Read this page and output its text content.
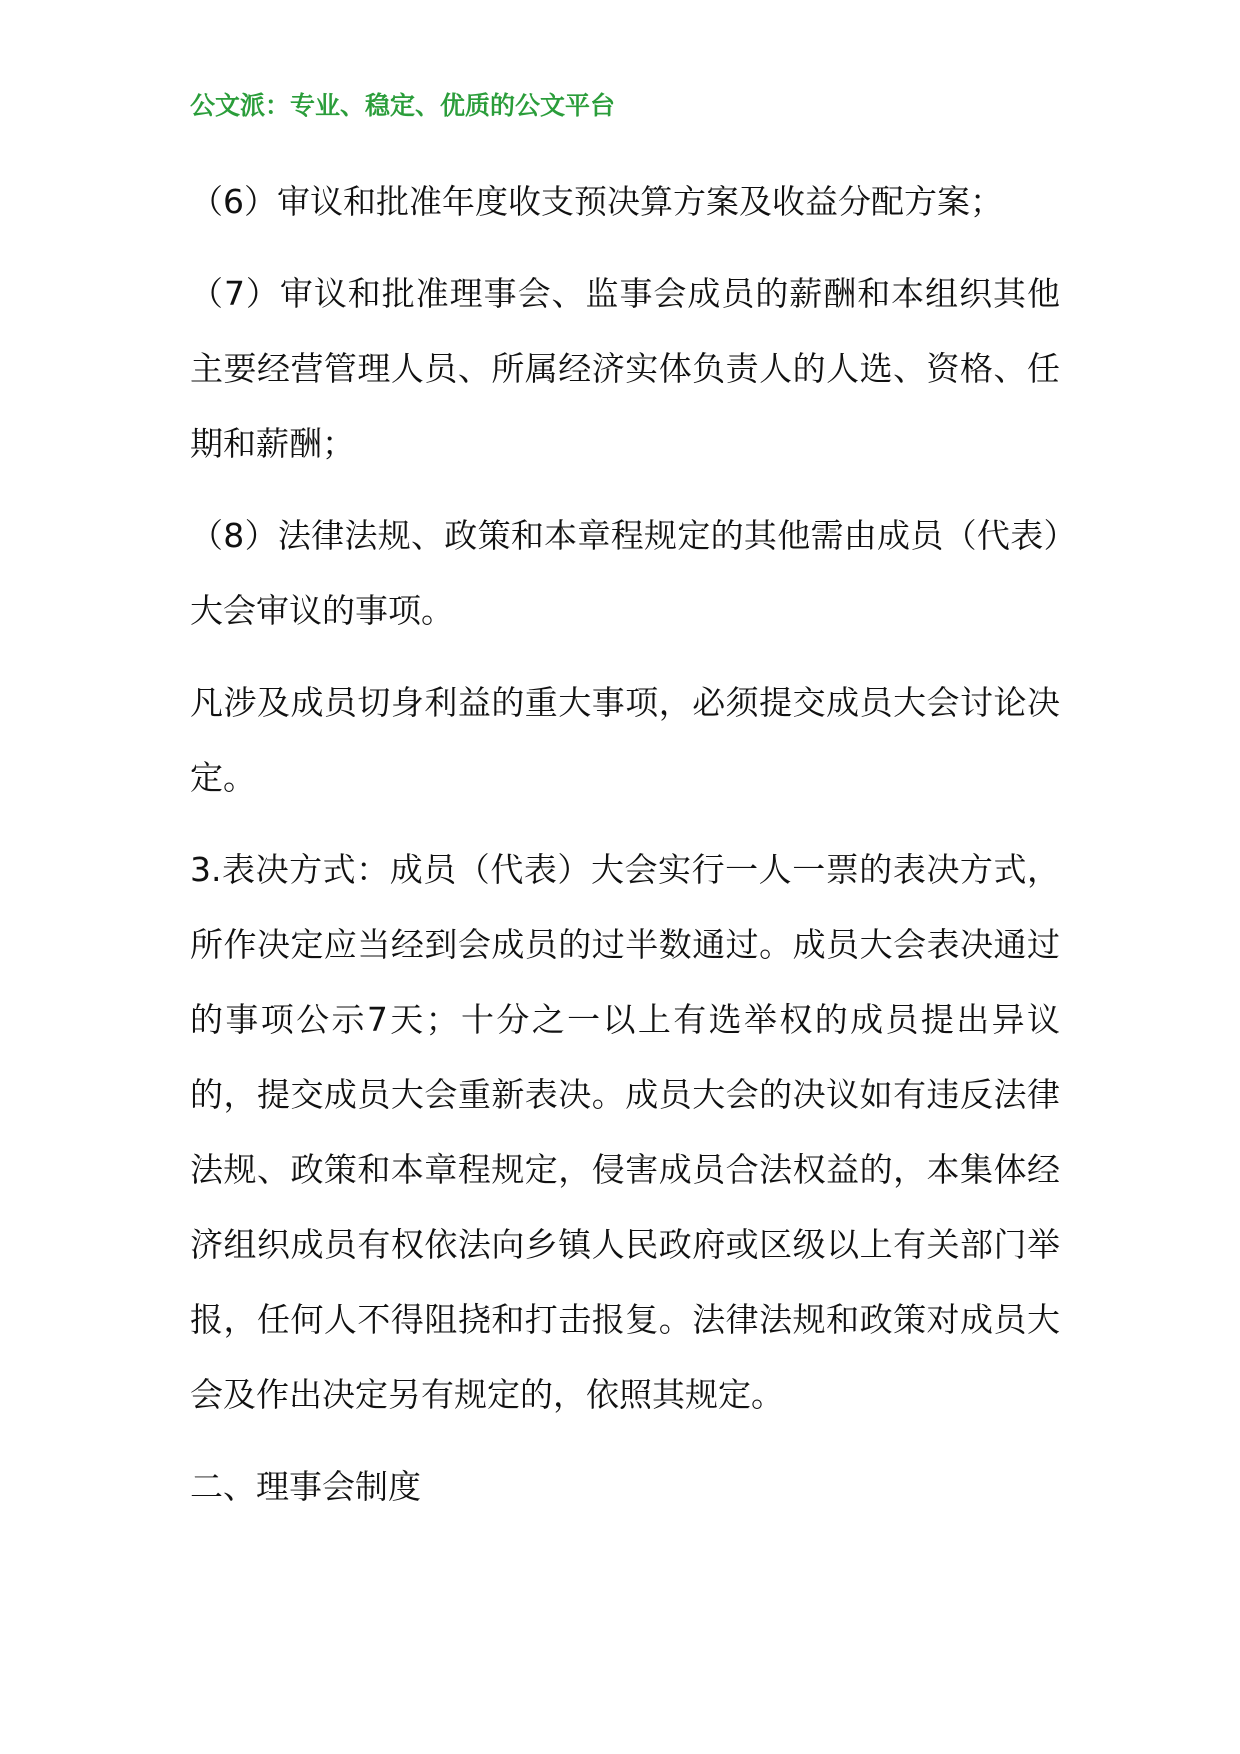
公文派：专业、稳定、优质的公文平台

（6）审议和批准年度收支预决算方案及收益分配方案；

（7）审议和批准理事会、监事会成员的薪酬和本组织其他主要经营管理人员、所属经济实体负责人的人选、资格、任期和薪酬；

（8）法律法规、政策和本章程规定的其他需由成员（代表）大会审议的事项。

凡涉及成员切身利益的重大事项，必须提交成员大会讨论决定。

3.表决方式：成员（代表）大会实行一人一票的表决方式，所作决定应当经到会成员的过半数通过。成员大会表决通过的事项公示7天；十分之一以上有选举权的成员提出异议的，提交成员大会重新表决。成员大会的决议如有违反法律法规、政策和本章程规定，侵害成员合法权益的，本集体经济组织成员有权依法向乡镇人民政府或区级以上有关部门举报，任何人不得阻挠和打击报复。法律法规和政策对成员大会及作出决定另有规定的，依照其规定。

二、理事会制度
